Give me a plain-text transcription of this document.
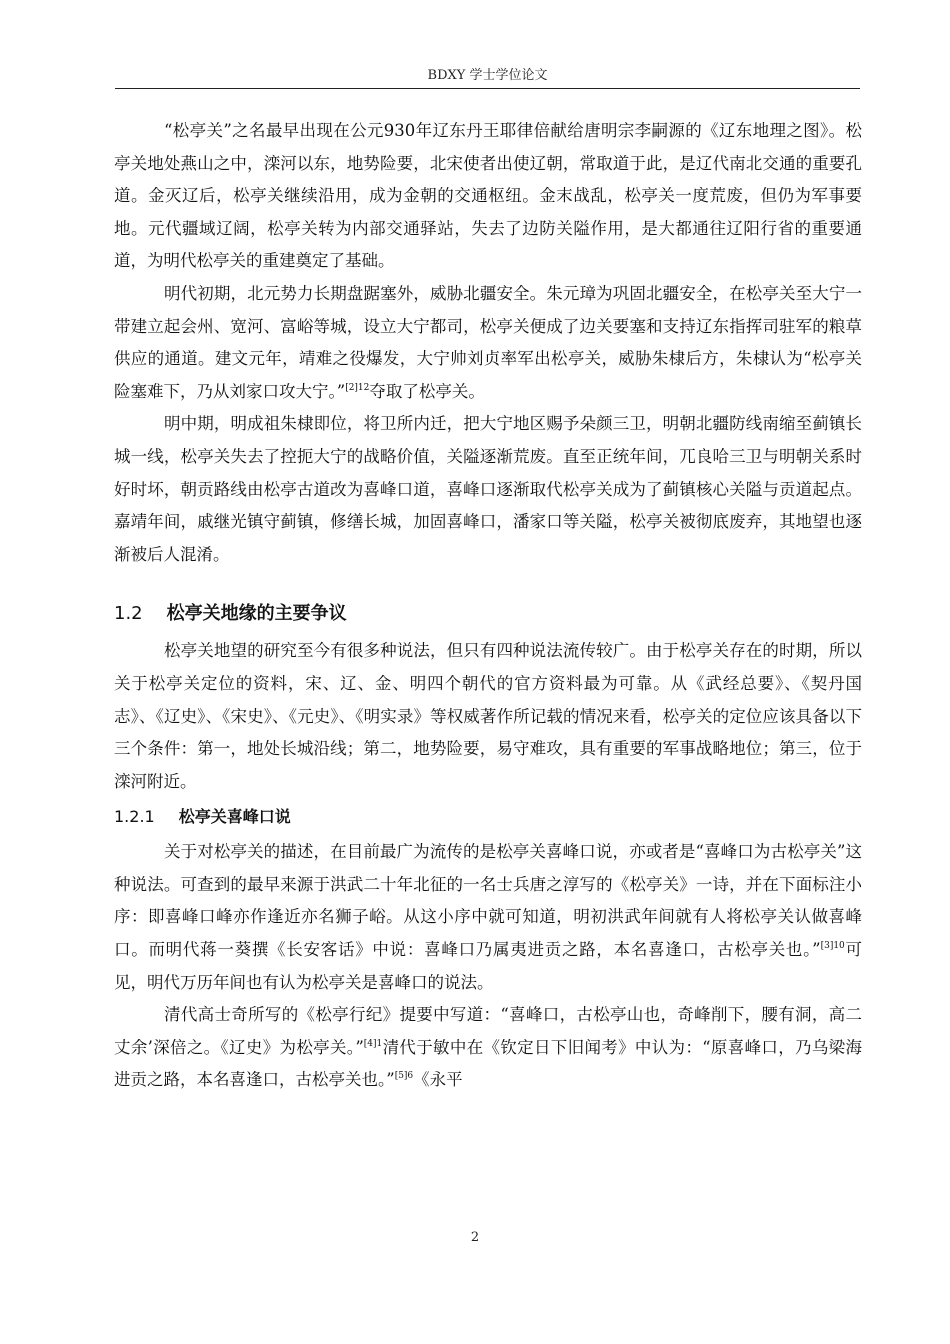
BDXY 学士学位论文

“松亭关”之名最早出现在公元930年辽东丹王耶律倍献给唐明宗李嗣源的《辽东地理之图》。松亭关地处燕山之中，滦河以东，地势险要，北宋使者出使辽朝，常取道于此，是辽代南北交通的重要孔道。金灭辽后，松亭关继续沿用，成为金朝的交通枢纽。金末战乱，松亭关一度荒废，但仍为军事要地。元代疆域辽阔，松亭关转为内部交通驿站，失去了边防关隘作用，是大都通往辽阳行省的重要通道，为明代松亭关的重建奠定了基础。

明代初期，北元势力长期盘踞塞外，威胁北疆安全。朱元璋为巩固北疆安全，在松亭关至大宁一带建立起会州、宽河、富峪等城，设立大宁都司，松亭关便成了边关要塞和支持辽东指挥司驻军的粮草供应的通道。建文元年，靖难之役爆发，大宁帅刘贞率军出松亭关，威胁朱棣后方，朱棣认为“松亭关险塞难下，乃从刘家口攻大宁。”$^{[2]12}$夺取了松亭关。

明中期，明成祖朱棣即位，将卫所内迁，把大宁地区赐予朵颜三卫，明朝北疆防线南缩至蓟镇长城一线，松亭关失去了控扼大宁的战略价值，关隘逐渐荒废。直至正统年间，兀良哈三卫与明朝关系时好时坏，朝贡路线由松亭古道改为喜峰口道，喜峰口逐渐取代松亭关成为了蓟镇核心关隘与贡道起点。嘉靖年间，戚继光镇守蓟镇，修缮长城，加固喜峰口，潘家口等关隘，松亭关被彻底废弃，其地望也逐渐被后人混淆。

1.2 松亭关地缘的主要争议

松亭关地望的研究至今有很多种说法，但只有四种说法流传较广。由于松亭关存在的时期，所以关于松亭关定位的资料，宋、辽、金、明四个朝代的官方资料最为可靠。从《武经总要》、《契丹国志》、《辽史》、《宋史》、《元史》、《明实录》等权威著作所记载的情况来看，松亭关的定位应该具备以下三个条件：第一，地处长城沿线；第二，地势险要，易守难攻，具有重要的军事战略地位；第三，位于滦河附近。

1.2.1 松亭关喜峰口说

关于对松亭关的描述，在目前最广为流传的是松亭关喜峰口说，亦或者是“喜峰口为古松亭关”这种说法。可查到的最早来源于洪武二十年北征的一名士兵唐之淳写的《松亭关》一诗，并在下面标注小序：即喜峰口峰亦作逢近亦名狮子峪。从这小序中就可知道，明初洪武年间就有人将松亭关认做喜峰口。而明代蒋一葵撰《长安客话》中说：喜峰口乃属夷进贡之路，本名喜逢口，古松亭关也。”$^{[3]10}$可见，明代万历年间也有认为松亭关是喜峰口的说法。

清代高士奇所写的《松亭行纪》提要中写道：“喜峰口，古松亭山也，奇峰削下，腰有洞，高二丈余’深倍之。《辽史》为松亭关。”$^{[4]1}$清代于敏中在《钦定日下旧闻考》中认为：“原喜峰口，乃乌梁海进贡之路，本名喜逢口，古松亭关也。”$^{[5]6}$《永平

2
